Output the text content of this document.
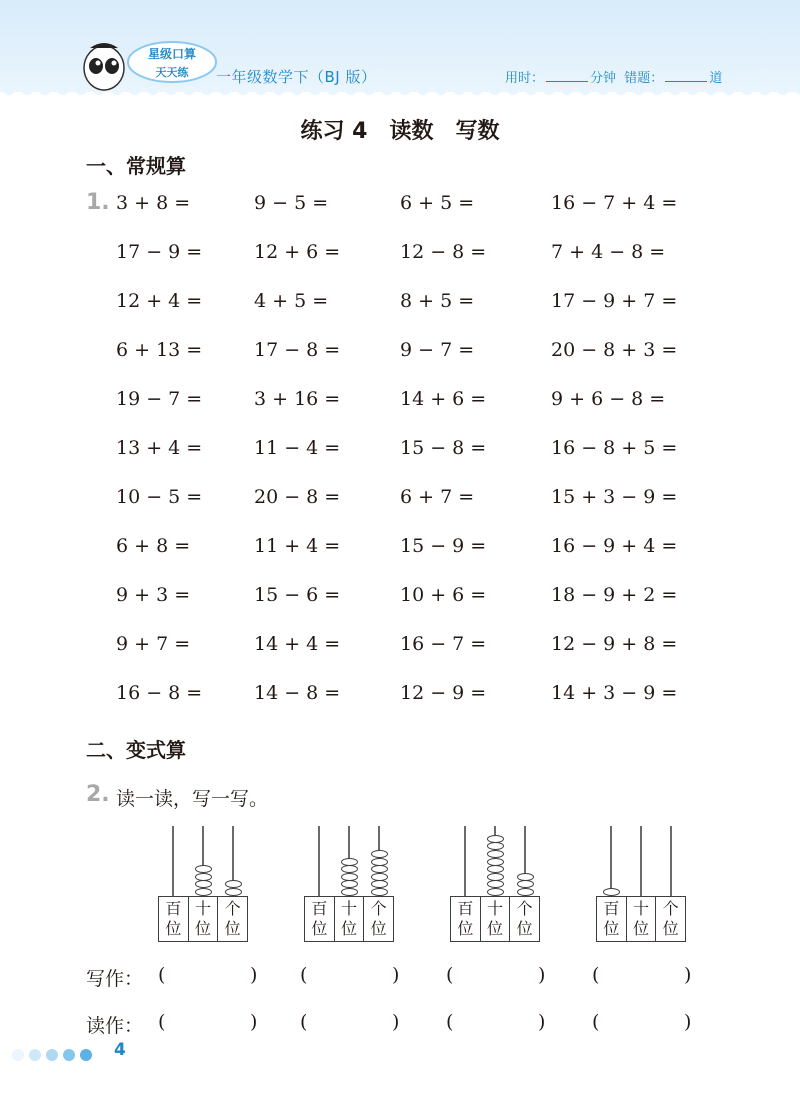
星级口算
天天练 一年级数学下（BJ 版）	用时：	分钟 错题：	道
练习 4　读数　写数
一、常规算
1. 3 + 8 =	9 − 5 =	6 + 5 =	16 − 7 + 4 =
17 − 9 =	12 + 6 =	12 − 8 =	7 + 4 − 8 =
12 + 4 =	4 + 5 =	8 + 5 =	17 − 9 + 7 =
6 + 13 =	17 − 8 =	9 − 7 =	20 − 8 + 3 =
19 − 7 =	3 + 16 =	14 + 6 =	9 + 6 − 8 =
13 + 4 =	11 − 4 =	15 − 8 =	16 − 8 + 5 =
10 − 5 =	20 − 8 =	6 + 7 =	15 + 3 − 9 =
6 + 8 =	11 + 4 =	15 − 9 =	16 − 9 + 4 =
9 + 3 =	15 − 6 =	10 + 6 =	18 − 9 + 2 =
9 + 7 =	14 + 4 =	16 − 7 =	12 − 9 + 8 =
16 − 8 =	14 − 8 =	12 − 9 =	14 + 3 − 9 =
二、变式算
2. 读一读，写一写。
百
位
十
位
个
位
百
位
十
位
个
位
百
位
十
位
个
位
百
位
十
位
个
位
写作： (	) (	) (	) (	)
读作： (	) (	) (	) (	)
4
